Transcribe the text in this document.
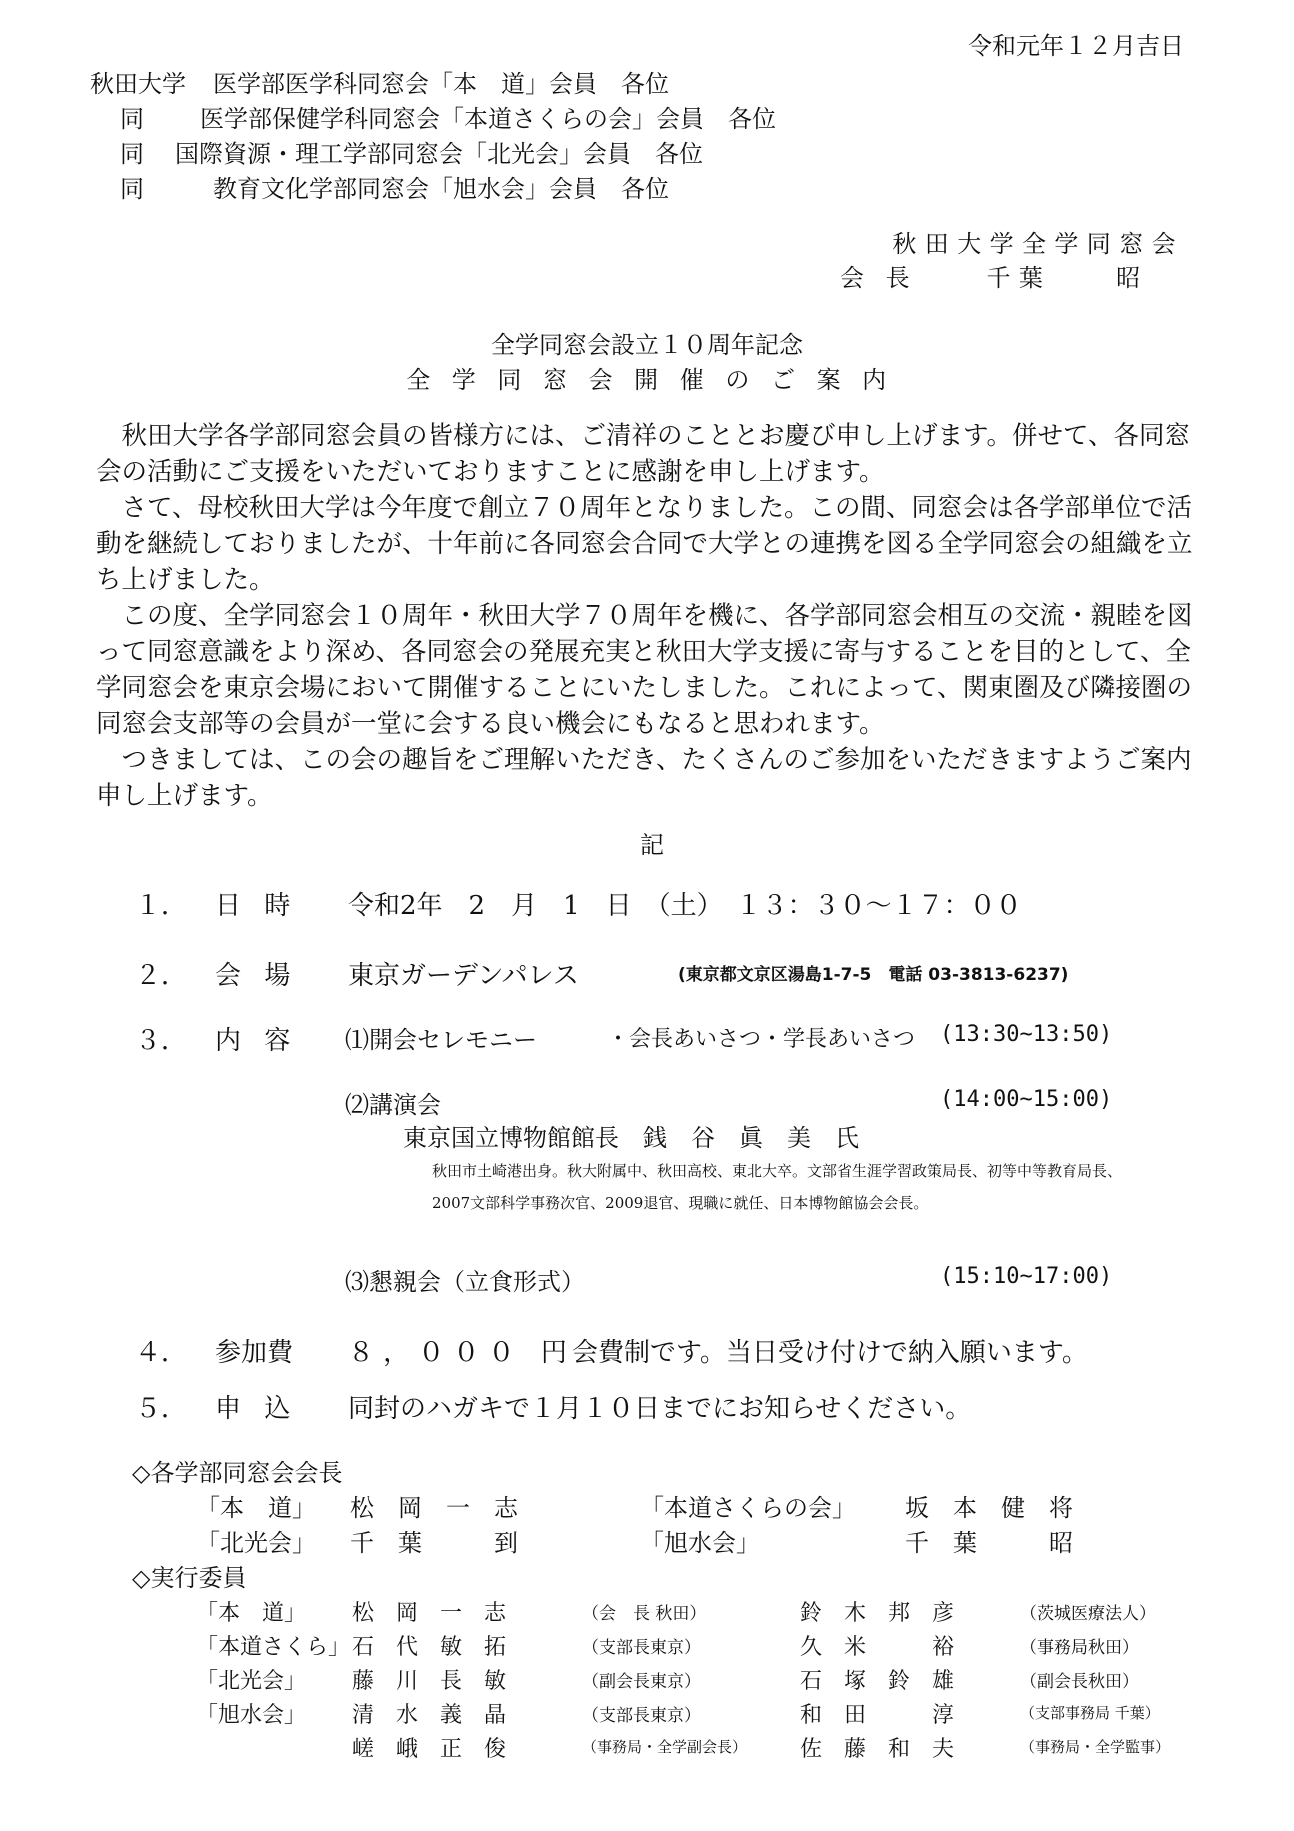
令和元年１２月吉日
秋田大学 医学部医学科同窓会「本　道」会員　各位
同 医学部保健学科同窓会「本道さくらの会」会員　各位
同 国際資源・理工学部同窓会「北光会」会員　各位
同	教育文化学部同窓会「旭水会」会員　各位
秋田大学全学同窓会
会長 千葉　　昭
全学同窓会設立１０周年記念
全学同窓会開催のご案内

秋田大学各学部同窓会員の皆様方には、ご清祥のこととお慶び申し上げます。併せて、各同窓会の活動にご支援をいただいておりますことに感謝を申し上げます。

さて、母校秋田大学は今年度で創立７０周年となりました。この間、同窓会は各学部単位で活動を継続しておりましたが、十年前に各同窓会合同で大学との連携を図る全学同窓会の組織を立ち上げました。

この度、全学同窓会１０周年・秋田大学７０周年を機に、各学部同窓会相互の交流・親睦を図って同窓意識をより深め、各同窓会の発展充実と秋田大学支援に寄与することを目的として、全学同窓会を東京会場において開催することにいたしました。これによって、関東圏及び隣接圏の同窓会支部等の会員が一堂に会する良い機会にもなると思われます。

つきましては、この会の趣旨をご理解いただき、たくさんのご参加をいただきますようご案内申し上げます。

記
１． 日時 令和2年　2　月　1　日　（土）　１３：３０～１７：００
２． 会場 東京ガーデンパレス	(東京都文京区湯島1-7-5　電話 03-3813-6237)
３． 内容 ⑴開会セレモニー	・会長あいさつ・学長あいさつ (13:30~13:50)
⑵講演会	(14:00~15:00)
東京国立博物館館長　銭　谷　眞　美　氏
秋田市土崎港出身。秋大附属中、秋田高校、東北大卒。文部省生涯学習政策局長、初等中等教育局長、
2007文部科学事務次官、2009退官、現職に就任、日本博物館協会会長。
⑶懇親会（立食形式）	(15:10~17:00)
４． 参加費 ８，０００ 円
会費制です。当日受け付けで納入願います。
５． 申込 同封のハガキで１月１０日までにお知らせください。
◇各学部同窓会会長
「本　道」 松　岡　一　志	「本道さくらの会」 坂　本　健　将
「北光会」 千　葉　　　到	「旭水会」	千　葉　　　昭
◇実行委員
「本　道」 松　岡　一　志	（会　長 秋田）	鈴　木　邦　彦	（茨城医療法人）
「本道さくら」 石　代　敏　拓	（支部長東京）	久　米　　　裕	（事務局秋田）
「北光会」 藤　川　長　敏	（副会長東京）	石　塚　鈴　雄	（副会長秋田）
「旭水会」 清　水　義　晶	（支部長東京）	和　田　　　淳	（支部事務局 千葉）
嵯　峨　正　俊	（事務局・全学副会長） 佐　藤　和　夫	（事務局・全学監事）
